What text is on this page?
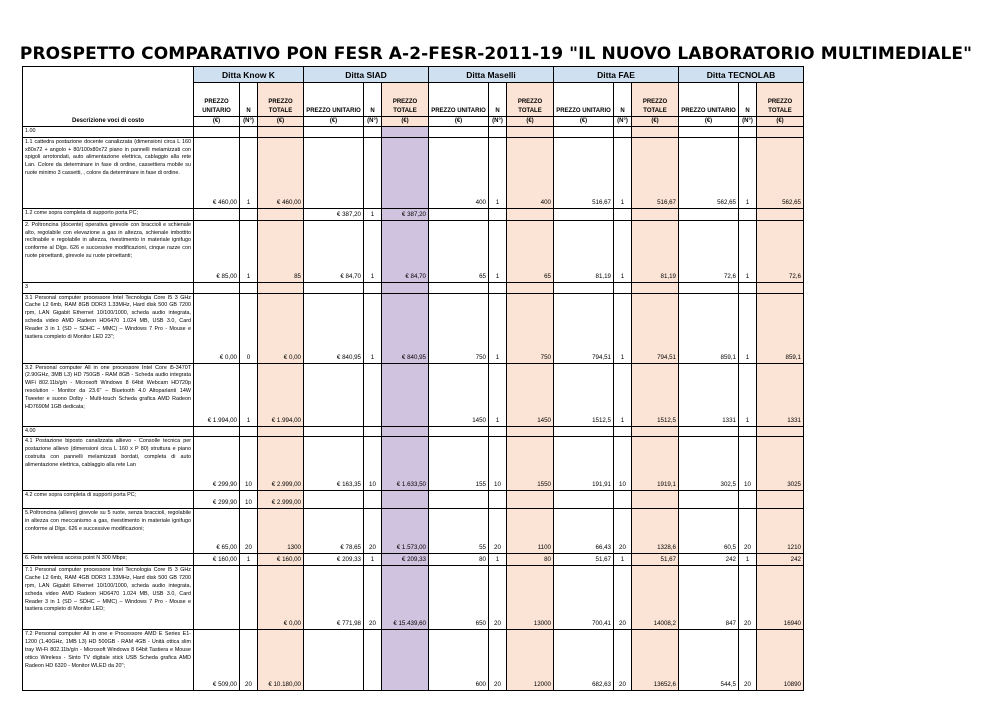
PROSPETTO COMPARATIVO PON FESR A-2-FESR-2011-19 "IL NUOVO LABORATORIO MULTIMEDIALE"
	Ditta Know K			Ditta SIAD			Ditta Maselli			Ditta FAE			Ditta TECNOLAB		
	PREZZO UNITARIO	N	PREZZO TOTALE	PREZZO UNITARIO	N	PREZZO TOTALE	PREZZO UNITARIO	N	PREZZO TOTALE	PREZZO UNITARIO	N	PREZZO TOTALE	PREZZO UNITARIO	N	PREZZO TOTALE
Descrizione voci di costo	(€)	(N°)	(€)	(€)	(N°)	(€)	(€)	(N°)	(€)	(€)	(N°)	(€)	(€)	(N°)	(€)
1.00															
1.1 cattedra postazione docente canalizzata (dimensioni circa L 160 x80x72 + angolo + 80/100x80x72 piano in pannelli melamizzati con spigoli arrotondati, auto alimentazione elettrica, cablaggio alla rete Lan. Colore da determinare in fase di ordine, cassettiera mobile su ruote minimo 3 cassetti, , colore da determinare in fase di ordine.	€ 460,00	1	€ 460,00				400	1	400	516,67	1	516,67	562,65	1	562,65
1.2 come sopra completa di supporto porta PC;				€ 387,20	1	€ 387,20									
2. Poltroncina (docente) operativa girevole con braccioli e schienale alto, regolabile con elevazione a gas in altezza, schienale imbottito reclinabile e regolabile in altezza, rivestimento in materiale ignifugo conforme al Dlgs. 626 e successive modificazioni, cinque razze con ruote piroettanti, girevole su ruote piroettanti;	€ 85,00	1	85	€ 84,70	1	€ 84,70	65	1	65	81,19	1	81,19	72,6	1	72,6
3															
3.1 Personal computer processore Intel Tecnologia Core I5 3 GHz Cache L2 6mb, RAM 8GB DDR3 1.33MHz, Hard disk 500 GB 7200 rpm, LAN Gigabit Ethernet 10/100/1000, scheda audio integrata, scheda video AMD Radeon HD6470 1.024 MB, USB 3.0, Card Reader 3 in 1 (SD – SDHC – MMC) – Windows 7 Pro - Mouse e tastiera completo di Monitor LED 23";	€ 0,00	0	€ 0,00	€ 840,95	1	€ 840,95	750	1	750	794,51	1	794,51	859,1	1	859,1
3.2 Personal computer All in one processore Intel Core i5-3470T (2.90GHz, 3MB L3) HD 750GB - RAM 8GB - Scheda audio integrata WiFi 802.11b/g/n - Microsoft Windows 8 64bit Webcam HD720p resolution - Monitor da 23.6" – Bluetooth 4.0 Altoparlanti 14W Tweeter e suono Dolby - Multi-touch Scheda grafica AMD Radeon HD7690M 1GB dedicata;	€ 1.994,00	1	€ 1.994,00				1450	1	1450	1512,5	1	1512,5	1331	1	1331
4.00															
4.1 Postazione biposto canalizzata allievo - Consolle tecnica per postazione allievo (dimensioni circa L 160 x P 80) struttura e piano costruita con pannelli melamizzati bordati, completa di auto alimentazione elettrica, cablaggio alla rete Lan	€ 299,90	10	€ 2.999,00	€ 163,35	10	€ 1.633,50	155	10	1550	191,91	10	1919,1	302,5	10	3025
4.2 come sopra completa di supporti porta PC;	€ 299,90	10	€ 2.999,00												
5.Poltroncina (allievo) girevole su 5 ruote, senza braccioli, regolabile in altezza con meccanismo a gas, rivestimento in materiale ignifugo conforme al Dlgs. 626 e successive modificazioni;	€ 65,00	20	1300	€ 78,65	20	€ 1.573,00	55	20	1100	66,43	20	1328,6	60,5	20	1210
6. Rete wireless access point N 300 Mbps;	€ 160,00	1	€ 160,00	€ 209,33	1	€ 209,33	80	1	80	51,67	1	51,67	242	1	242
7.1 Personal computer processore Intel Tecnologia Core I5 3 GHz Cache L2 6mb, RAM 4GB DDR3 1.33MHz, Hard disk 500 GB 7200 rpm, LAN Gigabit Ethernet 10/100/1000, scheda audio integrata, scheda video AMD Radeon HD6470 1.024 MB, USB 3.0, Card Reader 3 in 1 (SD – SDHC – MMC) – Windows 7 Pro - Mouse e tastiera completo di Monitor LED;			€ 0,00	€ 771,98	20	€ 15.439,60	650	20	13000	700,41	20	14008,2	847	20	16940
7.2 Personal computer All in one e Processore AMD E Series E1-1200 (1.40GHz, 1MB L3) HD 500GB - RAM 4GB - Unità ottica slim tray Wi-Fi 802.11b/g/n - Microsoft Windows 8 64bit Tastiera e Mouse ottico Wireless - Sinto TV digitale stick USB Scheda grafica AMD Radeon HD 6320 - Monitor WLED da 20";	€ 509,00	20	€ 10.180,00				600	20	12000	682,63	20	13652,6	544,5	20	10890
